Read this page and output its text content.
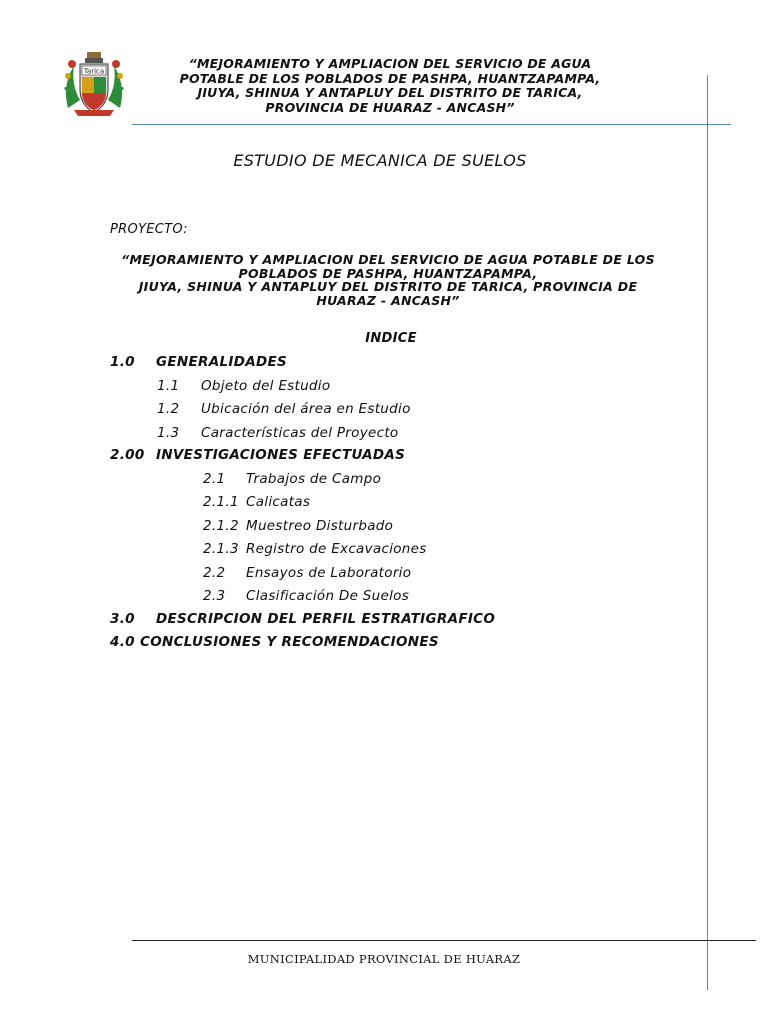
Tarica
“MEJORAMIENTO Y AMPLIACION DEL SERVICIO DE AGUA
POTABLE DE LOS POBLADOS DE PASHPA, HUANTZAPAMPA,
JIUYA, SHINUA Y ANTAPLUY DEL DISTRITO DE TARICA,
PROVINCIA DE HUARAZ - ANCASH”
ESTUDIO DE MECANICA DE SUELOS
PROYECTO:
“MEJORAMIENTO Y AMPLIACION DEL SERVICIO DE AGUA POTABLE DE LOS
POBLADOS DE PASHPA, HUANTZAPAMPA,
JIUYA, SHINUA Y ANTAPLUY DEL DISTRITO DE TARICA, PROVINCIA DE
HUARAZ - ANCASH”
INDICE
1.0 GENERALIDADES
1.1 Objeto del Estudio
1.2 Ubicación del área en Estudio
1.3 Características del Proyecto
2.00 INVESTIGACIONES EFECTUADAS
2.1 Trabajos de Campo
2.1.1 Calicatas
2.1.2 Muestreo Disturbado
2.1.3 Registro de Excavaciones
2.2 Ensayos de Laboratorio
2.3 Clasificación De Suelos
3.0 DESCRIPCION DEL PERFIL ESTRATIGRAFICO
4.0 CONCLUSIONES Y RECOMENDACIONES
MUNICIPALIDAD PROVINCIAL DE HUARAZ
